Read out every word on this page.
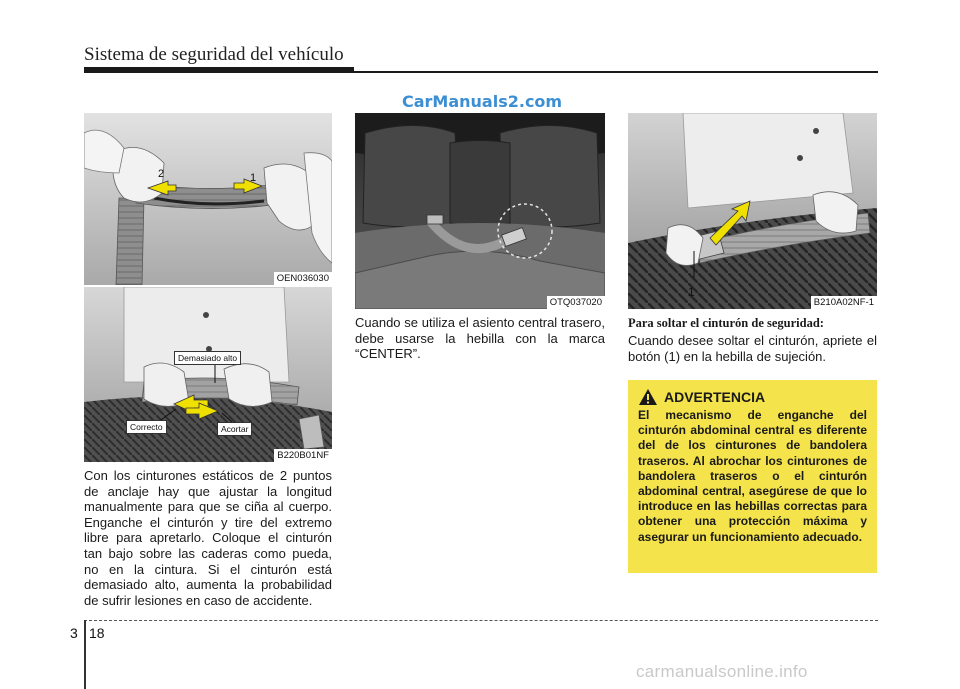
Sistema de seguridad del vehículo
CarManuals2.com
2	1
OEN036030
Demasiado alto
Correcto	Acortar
B220B01NF

Con los cinturones estáticos de 2 puntos de anclaje hay que ajustar la longitud manualmente para que se ciña al cuerpo. Enganche el cinturón y tire del extremo libre para apretarlo. Coloque el cinturón tan bajo sobre las caderas como pueda, no en la cintura. Si el cinturón está demasiado alto, aumenta la probabilidad de sufrir lesiones en caso de accidente.

OTQ037020

Cuando se utiliza el asiento central trasero, debe usarse la hebilla con la marca “CENTER”.

1
B210A02NF-1

Para soltar el cinturón de seguridad:

Cuando desee soltar el cinturón, apriete el botón (1) en la hebilla de sujeción.

ADVERTENCIA

El mecanismo de enganche del cinturón abdominal central es diferente del de los cinturones de bandolera traseros. Al abrochar los cinturones de bandolera traseros o el cinturón abdominal central, asegúrese de que lo introduce en las hebillas correctas para obtener una protección máxima y asegurar un funcionamiento adecuado.

3 18
carmanualsonline.info
